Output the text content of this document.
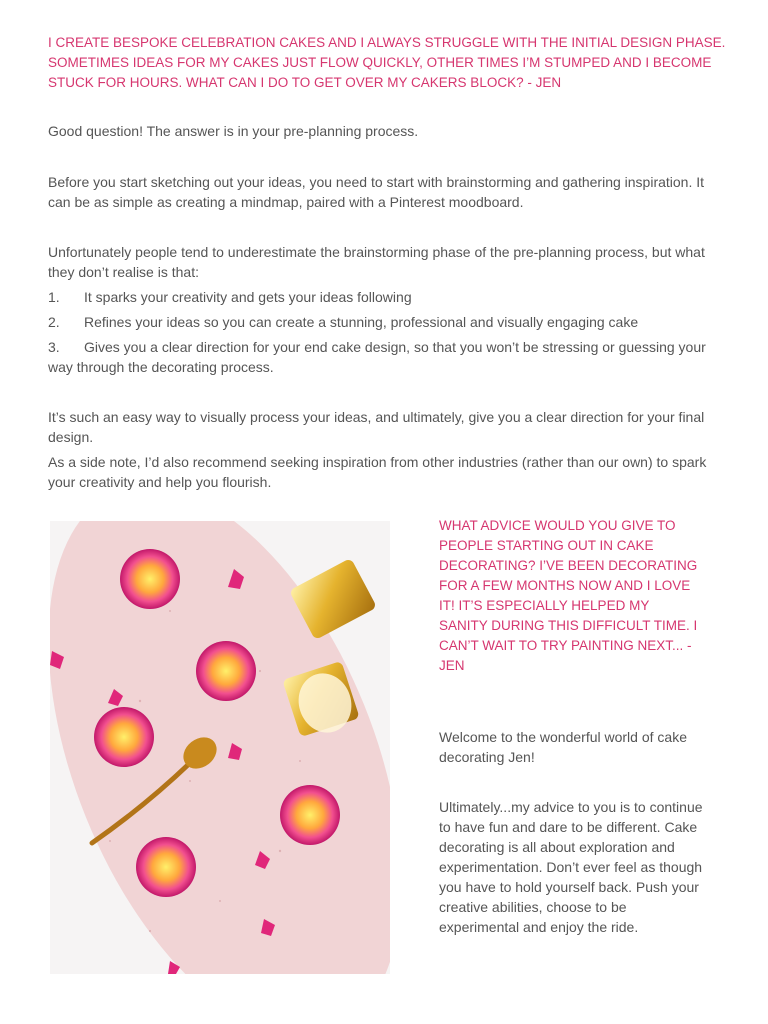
I CREATE BESPOKE CELEBRATION CAKES AND I ALWAYS STRUGGLE WITH THE INITIAL DESIGN PHASE. SOMETIMES IDEAS FOR MY CAKES JUST FLOW QUICKLY, OTHER TIMES I’M STUMPED AND I BECOME STUCK FOR HOURS. WHAT CAN I DO TO GET OVER MY CAKERS BLOCK? - JEN

Good question! The answer is in your pre-planning process.

Before you start sketching out your ideas, you need to start with brainstorming and gathering inspiration. It can be as simple as creating a mindmap, paired with a Pinterest moodboard.

Unfortunately people tend to underestimate the brainstorming phase of the pre-planning process, but what they don’t realise is that:

1. It sparks your creativity and gets your ideas following
2. Refines your ideas so you can create a stunning, professional and visually engaging cake
3. Gives you a clear direction for your end cake design, so that you won’t be stressing or guessing your way through the decorating process.

It’s such an easy way to visually process your ideas, and ultimately, give you a clear direction for your final design.

As a side note, I’d also recommend seeking inspiration from other industries (rather than our own) to spark your creativity and help you flourish.

WHAT ADVICE WOULD YOU GIVE TO PEOPLE STARTING OUT IN CAKE DECORATING? I’VE BEEN DECORATING FOR A FEW MONTHS NOW AND I LOVE IT! IT’S ESPECIALLY HELPED MY SANITY DURING THIS DIFFICULT TIME. I CAN’T WAIT TO TRY PAINTING NEXT... - JEN

Welcome to the wonderful world of cake decorating Jen!

Ultimately...my advice to you is to continue to have fun and dare to be different. Cake decorating is all about exploration and experimentation. Don’t ever feel as though you have to hold yourself back. Push your creative abilities, choose to be experimental and enjoy the ride.
